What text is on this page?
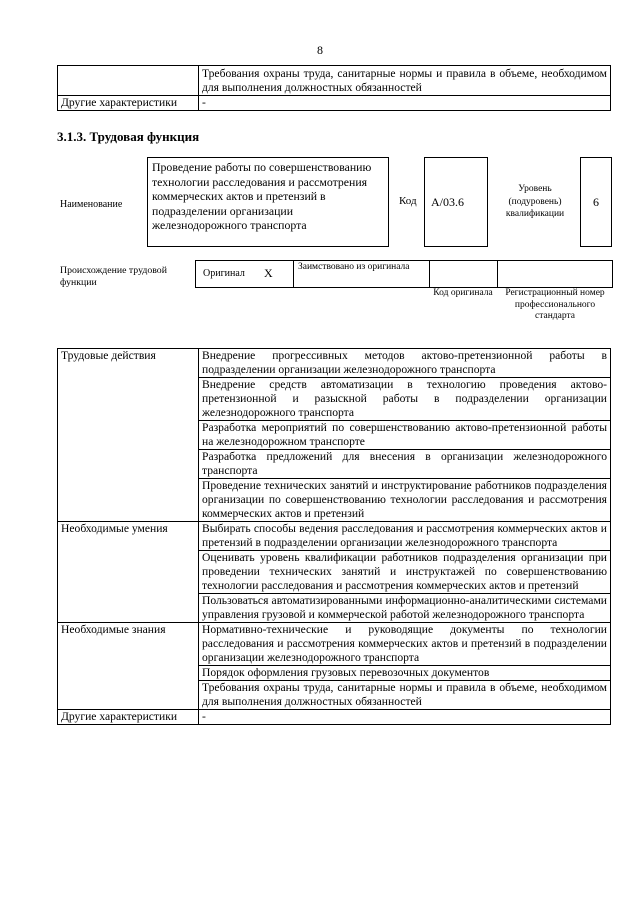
8
	Требования охраны труда, санитарные нормы и правила в объеме, необходимом для выполнения должностных обязанностей
Другие характеристики	-
3.1.3. Трудовая функция
Наименование
Проведение работы по совершенствованию технологии расследования и рассмотрения коммерческих актов и претензий в подразделении организации железнодорожного транспорта
Код A/03.6
Уровень (подуровень) квалификации
6
Происхождение трудовой функции
Оригинал X	Заимствовано из оригинала
Код оригинала	Регистрационный номер профессионального стандарта
Трудовые действия	Внедрение прогрессивных методов актово-претензионной работы в подразделении организации железнодорожного транспорта
	Внедрение средств автоматизации в технологию проведения актово-претензионной и разыскной работы в подразделении организации железнодорожного транспорта
	Разработка мероприятий по совершенствованию актово-претензионной работы на железнодорожном транспорте
	Разработка предложений для внесения в организации железнодорожного транспорта
	Проведение технических занятий и инструктирование работников подразделения организации по совершенствованию технологии расследования и рассмотрения коммерческих актов и претензий
Необходимые умения	Выбирать способы ведения расследования и рассмотрения коммерческих актов и претензий в подразделении организации железнодорожного транспорта
	Оценивать уровень квалификации работников подразделения организации при проведении технических занятий и инструктажей по совершенствованию технологии расследования и рассмотрения коммерческих актов и претензий
	Пользоваться автоматизированными информационно-аналитическими системами управления грузовой и коммерческой работой железнодорожного транспорта
Необходимые знания	Нормативно-технические и руководящие документы по технологии расследования и рассмотрения коммерческих актов и претензий в подразделении организации железнодорожного транспорта
	Порядок оформления грузовых перевозочных документов
	Требования охраны труда, санитарные нормы и правила в объеме, необходимом для выполнения должностных обязанностей
Другие характеристики	-
